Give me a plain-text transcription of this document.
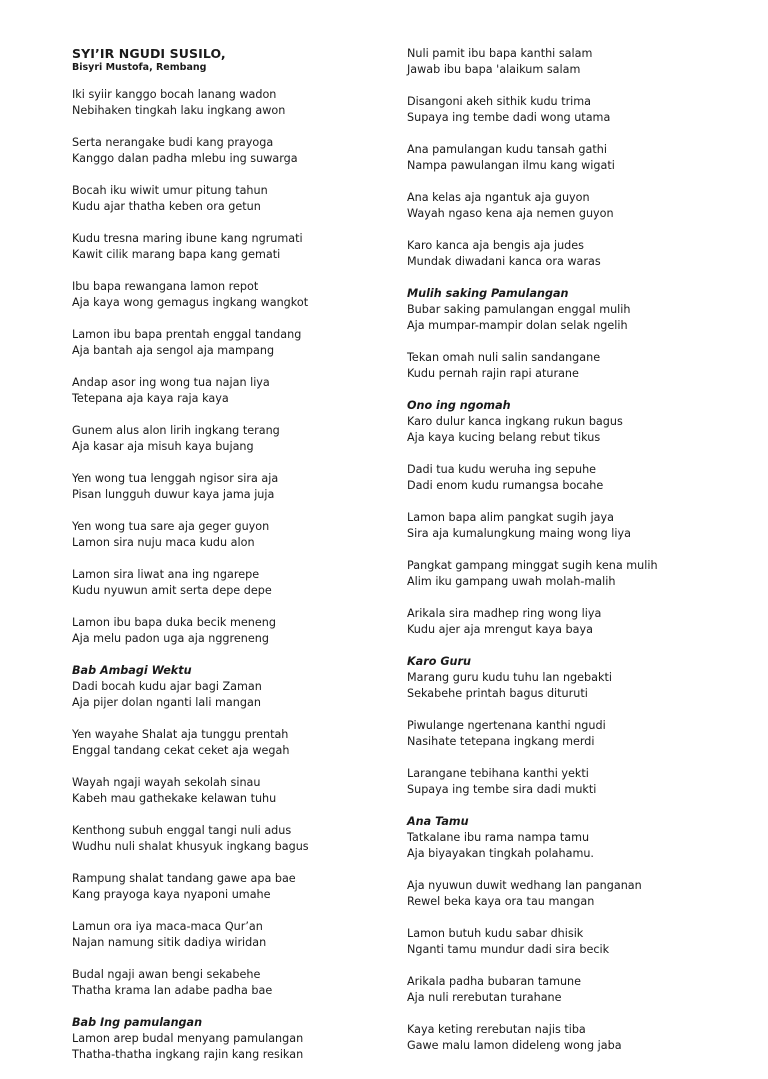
SYI’IR NGUDI SUSILO,
Bisyri Mustofa, Rembang
Iki syiir kanggo bocah lanang wadon
Nebihaken tingkah laku ingkang awon
Serta nerangake budi kang prayoga
Kanggo dalan padha mlebu ing suwarga
Bocah iku wiwit umur pitung tahun
Kudu ajar thatha keben ora getun
Kudu tresna maring ibune kang ngrumati
Kawit cilik marang bapa kang gemati
Ibu bapa rewangana lamon repot
Aja kaya wong gemagus ingkang wangkot
Lamon ibu bapa prentah enggal tandang
Aja bantah aja sengol aja mampang
Andap asor ing wong tua najan liya
Tetepana aja kaya raja kaya
Gunem alus alon lirih ingkang terang
Aja kasar aja misuh kaya bujang
Yen wong tua lenggah ngisor sira aja
Pisan lungguh duwur kaya jama juja
Yen wong tua sare aja geger guyon
Lamon sira nuju maca kudu alon
Lamon sira liwat ana ing ngarepe
Kudu nyuwun amit serta depe depe
Lamon ibu bapa duka becik meneng
Aja melu padon uga aja nggreneng
Bab Ambagi Wektu
Dadi bocah kudu ajar bagi Zaman
Aja pijer dolan nganti lali mangan
Yen wayahe Shalat aja tunggu prentah
Enggal tandang cekat ceket aja wegah
Wayah ngaji wayah sekolah sinau
Kabeh mau gathekake kelawan tuhu
Kenthong subuh enggal tangi nuli adus
Wudhu nuli shalat khusyuk ingkang bagus
Rampung shalat tandang gawe apa bae
Kang prayoga kaya nyaponi umahe
Lamun ora iya maca-maca Qur’an
Najan namung sitik dadiya wiridan
Budal ngaji awan bengi sekabehe
Thatha krama lan adabe padha bae
Bab Ing pamulangan
Lamon arep budal menyang pamulangan
Thatha-thatha ingkang rajin kang resikan
Nuli pamit ibu bapa kanthi salam
Jawab ibu bapa 'alaikum salam
Disangoni akeh sithik kudu trima
Supaya ing tembe dadi wong utama
Ana pamulangan kudu tansah gathi
Nampa pawulangan ilmu kang wigati
Ana kelas aja ngantuk aja guyon
Wayah ngaso kena aja nemen guyon
Karo kanca aja bengis aja judes
Mundak diwadani kanca ora waras
Mulih saking Pamulangan
Bubar saking pamulangan enggal mulih
Aja mumpar-mampir dolan selak ngelih
Tekan omah nuli salin sandangane
Kudu pernah rajin rapi aturane
Ono ing ngomah
Karo dulur kanca ingkang rukun bagus
Aja kaya kucing belang rebut tikus
Dadi tua kudu weruha ing sepuhe
Dadi enom kudu rumangsa bocahe
Lamon bapa alim pangkat sugih jaya
Sira aja kumalungkung maing wong liya
Pangkat gampang minggat sugih kena mulih
Alim iku gampang uwah molah-malih
Arikala sira madhep ring wong liya
Kudu ajer aja mrengut kaya baya
Karo Guru
Marang guru kudu tuhu lan ngebakti
Sekabehe printah bagus dituruti
Piwulange ngertenana kanthi ngudi
Nasihate tetepana ingkang merdi
Larangane tebihana kanthi yekti
Supaya ing tembe sira dadi mukti
Ana Tamu
Tatkalane ibu rama nampa tamu
Aja biyayakan tingkah polahamu.
Aja nyuwun duwit wedhang lan panganan
Rewel beka kaya ora tau mangan
Lamon butuh kudu sabar dhisik
Nganti tamu mundur dadi sira becik
Arikala padha bubaran tamune
Aja nuli rerebutan turahane
Kaya keting rerebutan najis tiba
Gawe malu lamon dideleng wong jaba
